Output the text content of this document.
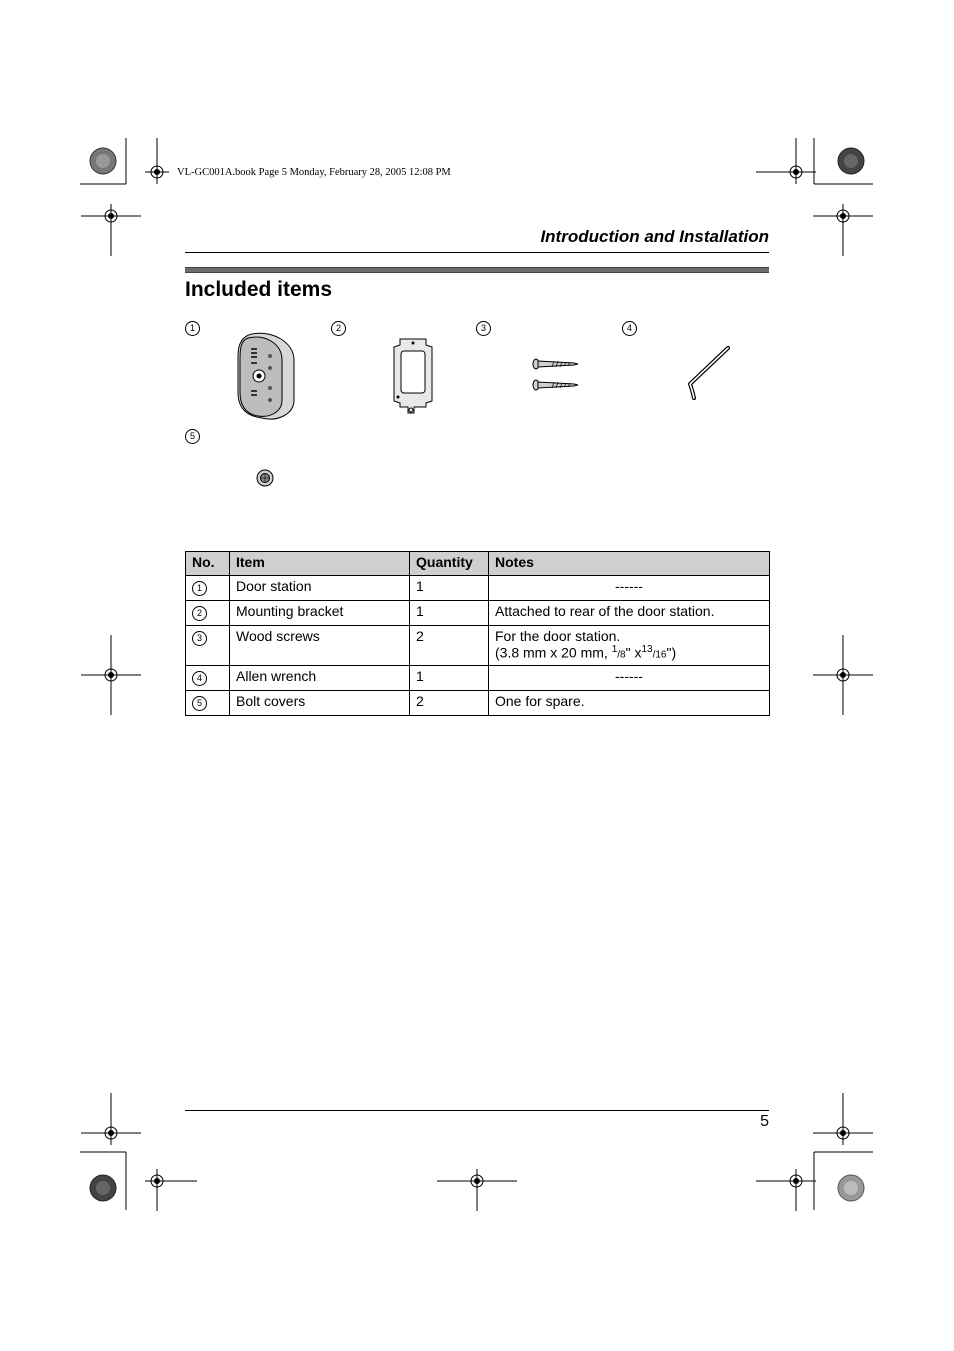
VL-GC001A.book Page 5 Monday, February 28, 2005 12:08 PM
Introduction and Installation
Included items
1	2	3	4
5
No.	Item	Quantity	Notes
1	Door station	1	------
2	Mounting bracket	1	Attached to rear of the door station.
3	Wood screws	2	For the door station.
(3.8 mm x 20 mm, $^1$/8" $x^{13}/16$")

4	Allen wrench	1	------
5	Bolt covers	2	One for spare.
5
